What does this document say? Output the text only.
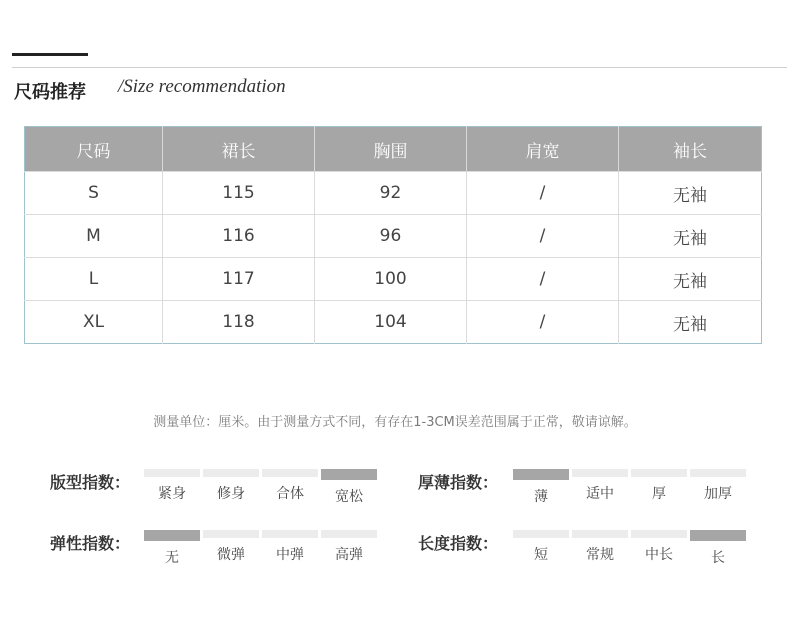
尺码推荐 /Size recommendation
尺码	裙长	胸围	肩宽	袖长
S	115	92	/	无袖
M	116	96	/	无袖
L	117	100	/	无袖
XL	118	104	/	无袖
测量单位：厘米。由于测量方式不同，有存在1-3CM误差范围属于正常，敬请谅解。
版型指数：
紧身	修身	合体	宽松
厚薄指数：
薄	适中	厚	加厚
弹性指数：
无	微弹	中弹	高弹
长度指数：
短	常规	中长	长
